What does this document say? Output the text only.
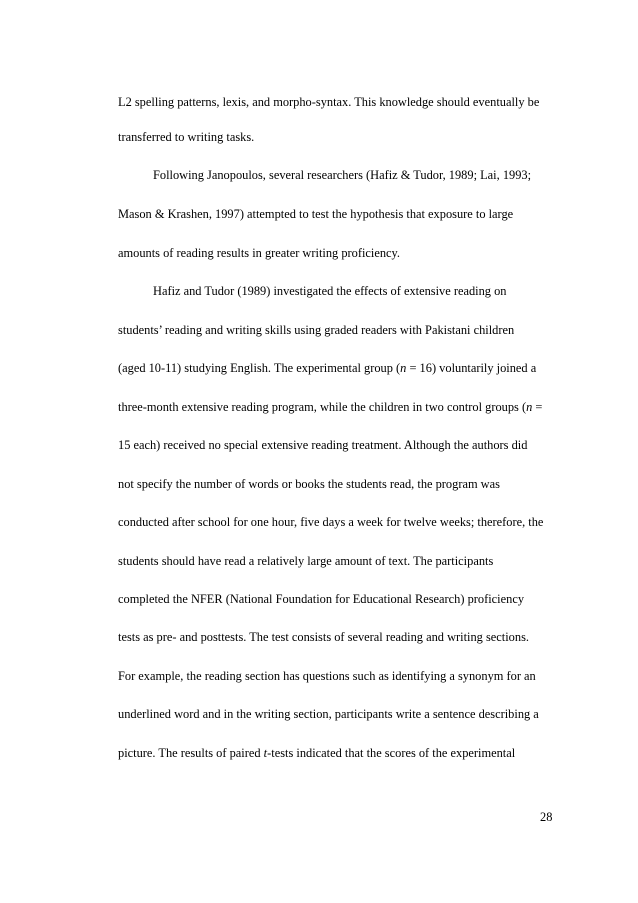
L2 spelling patterns, lexis, and morpho-syntax. This knowledge should eventually be
transferred to writing tasks.
Following Janopoulos, several researchers (Hafiz & Tudor, 1989; Lai, 1993;
Mason & Krashen, 1997) attempted to test the hypothesis that exposure to large
amounts of reading results in greater writing proficiency.
Hafiz and Tudor (1989) investigated the effects of extensive reading on
students’ reading and writing skills using graded readers with Pakistani children
(aged 10-11) studying English. The experimental group (n = 16) voluntarily joined a
three-month extensive reading program, while the children in two control groups (n =
15 each) received no special extensive reading treatment. Although the authors did
not specify the number of words or books the students read, the program was
conducted after school for one hour, five days a week for twelve weeks; therefore, the
students should have read a relatively large amount of text. The participants
completed the NFER (National Foundation for Educational Research) proficiency
tests as pre- and posttests. The test consists of several reading and writing sections.
For example, the reading section has questions such as identifying a synonym for an
underlined word and in the writing section, participants write a sentence describing a
picture. The results of paired t-tests indicated that the scores of the experimental
28
